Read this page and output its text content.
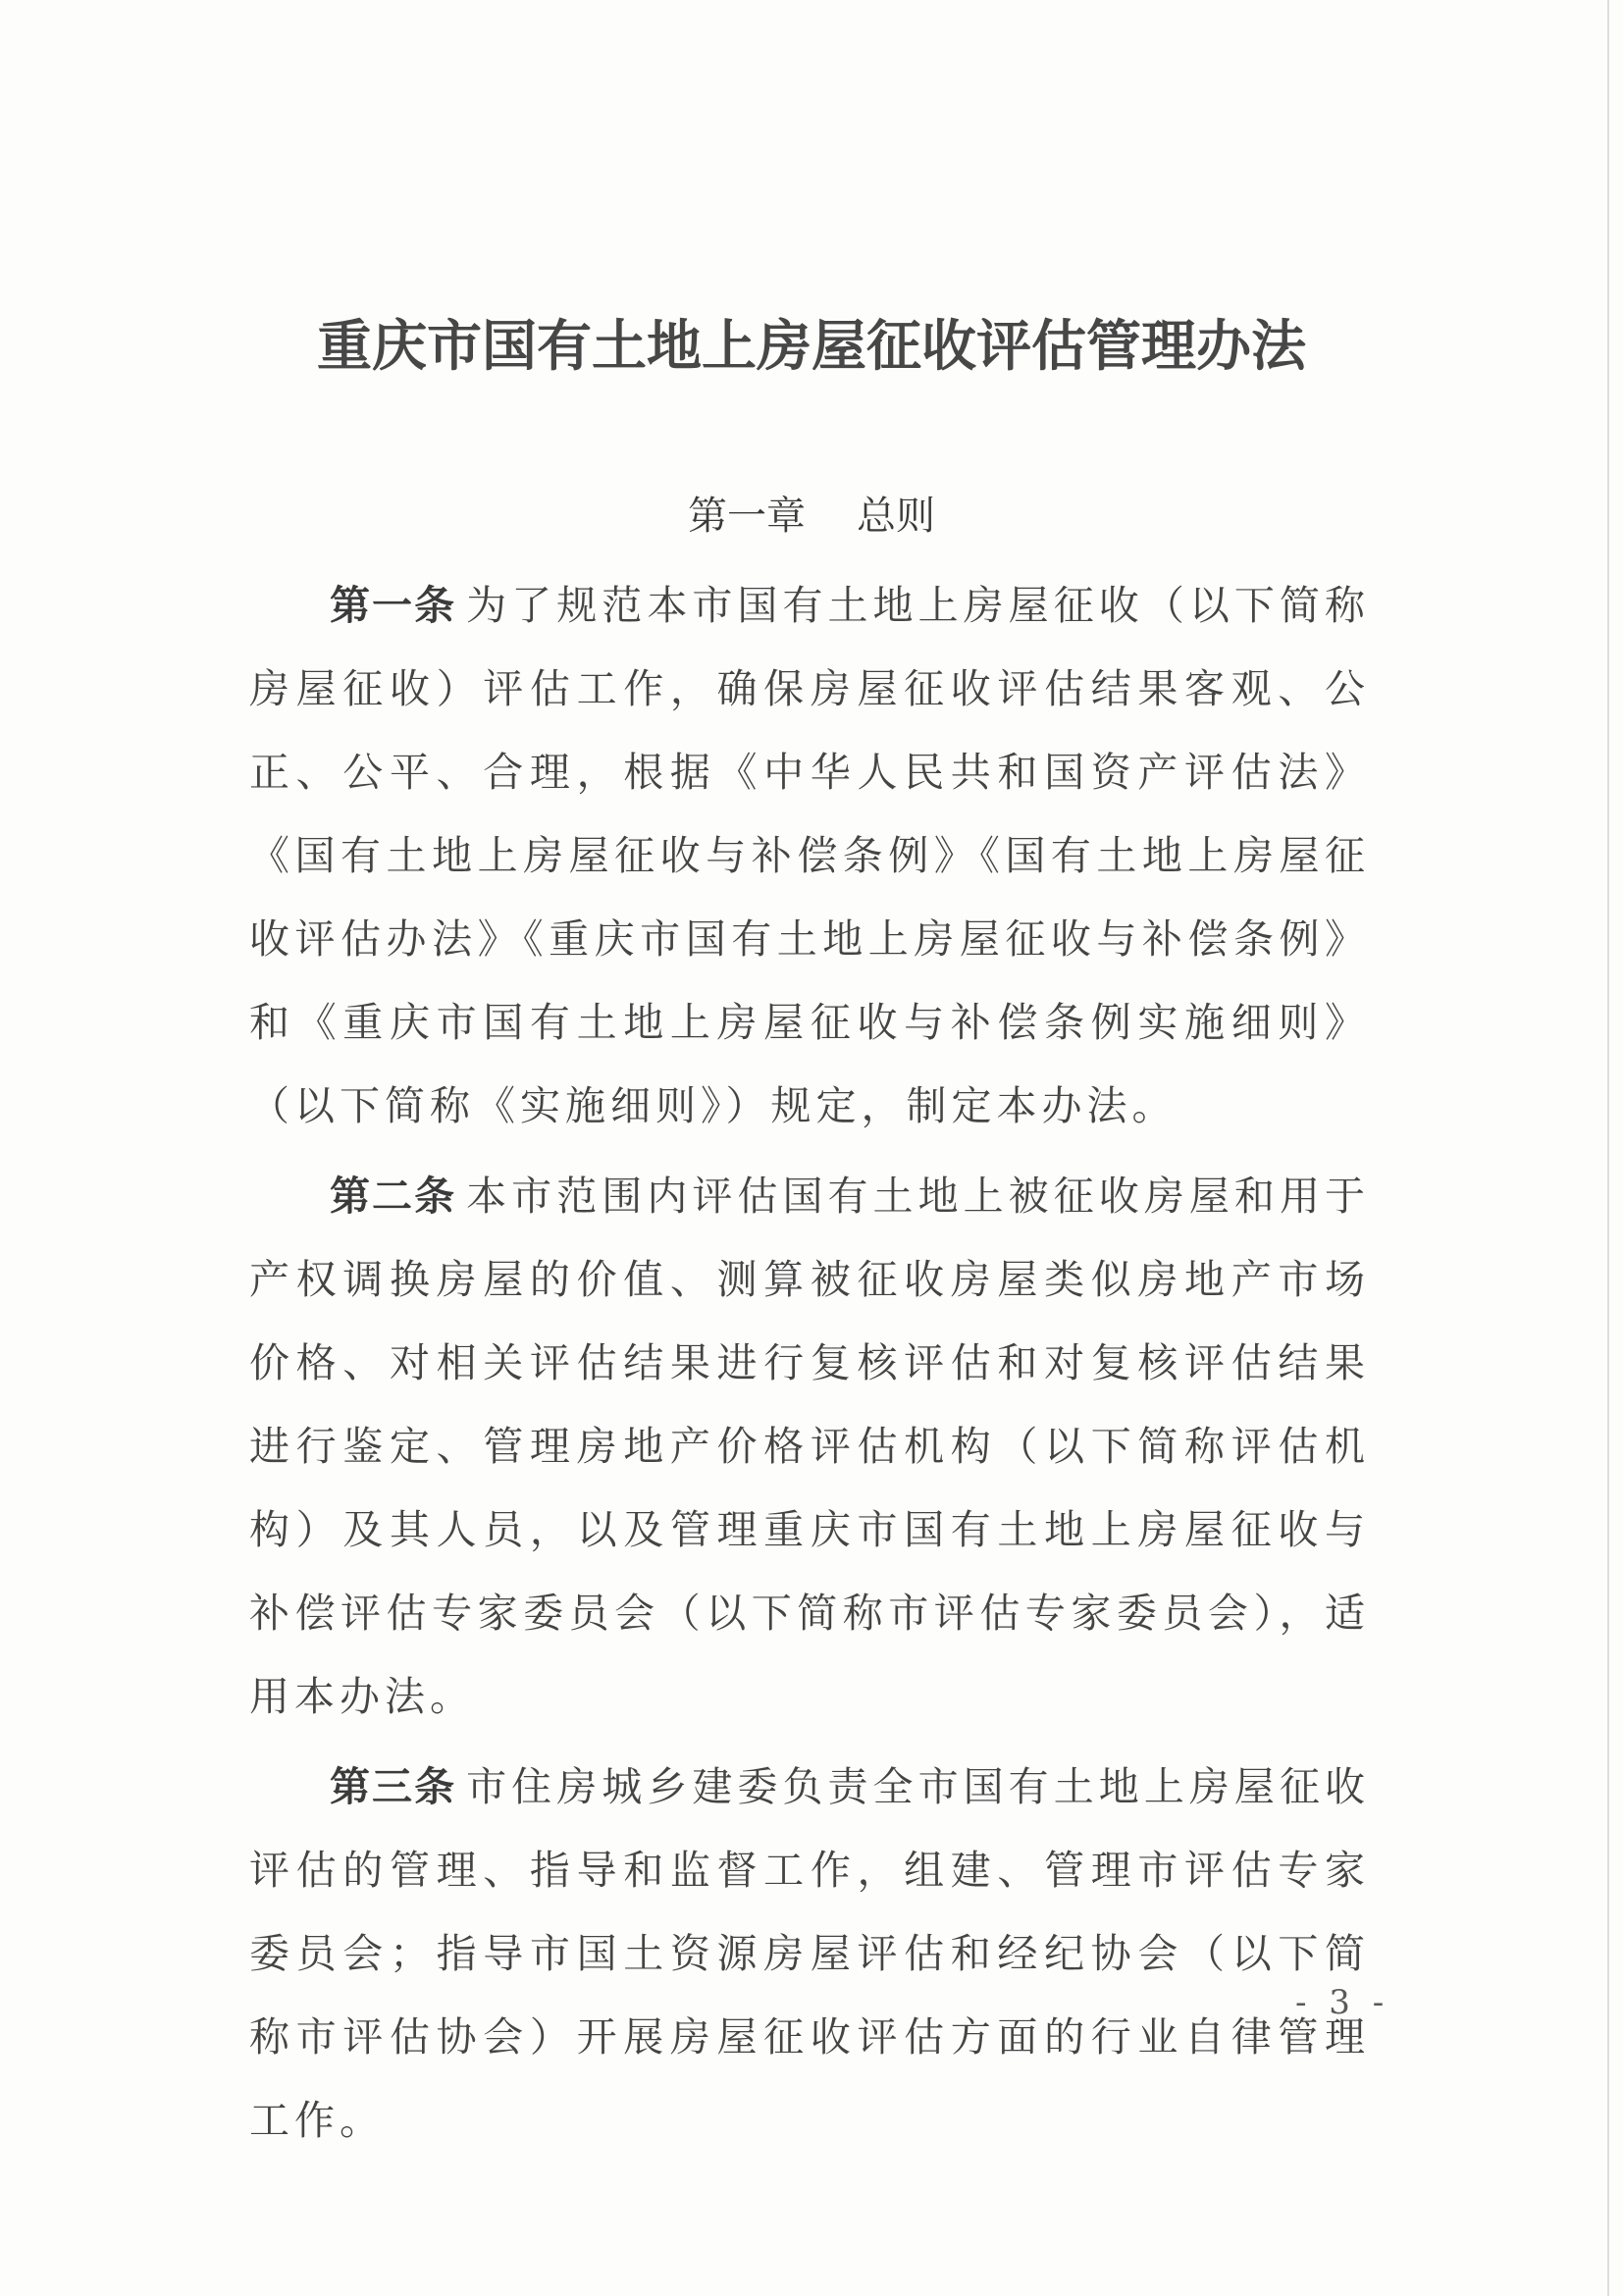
重庆市国有土地上房屋征收评估管理办法
第一章 总则

第一条 为了规范本市国有土地上房屋征收（以下简称房屋征收）评估工作，确保房屋征收评估结果客观、公正、公平、合理，根据《中华人民共和国资产评估法》《国有土地上房屋征收与补偿条例》《国有土地上房屋征收评估办法》《重庆市国有土地上房屋征收与补偿条例》和《重庆市国有土地上房屋征收与补偿条例实施细则》（以下简称《实施细则》）规定，制定本办法。

第二条 本市范围内评估国有土地上被征收房屋和用于产权调换房屋的价值、测算被征收房屋类似房地产市场价格、对相关评估结果进行复核评估和对复核评估结果进行鉴定、管理房地产价格评估机构（以下简称评估机构）及其人员，以及管理重庆市国有土地上房屋征收与补偿评估专家委员会（以下简称市评估专家委员会），适用本办法。

第三条 市住房城乡建委负责全市国有土地上房屋征收评估的管理、指导和监督工作，组建、管理市评估专家委员会；指导市国土资源房屋评估和经纪协会（以下简称市评估协会）开展房屋征收评估方面的行业自律管理工作。

- 3 -
